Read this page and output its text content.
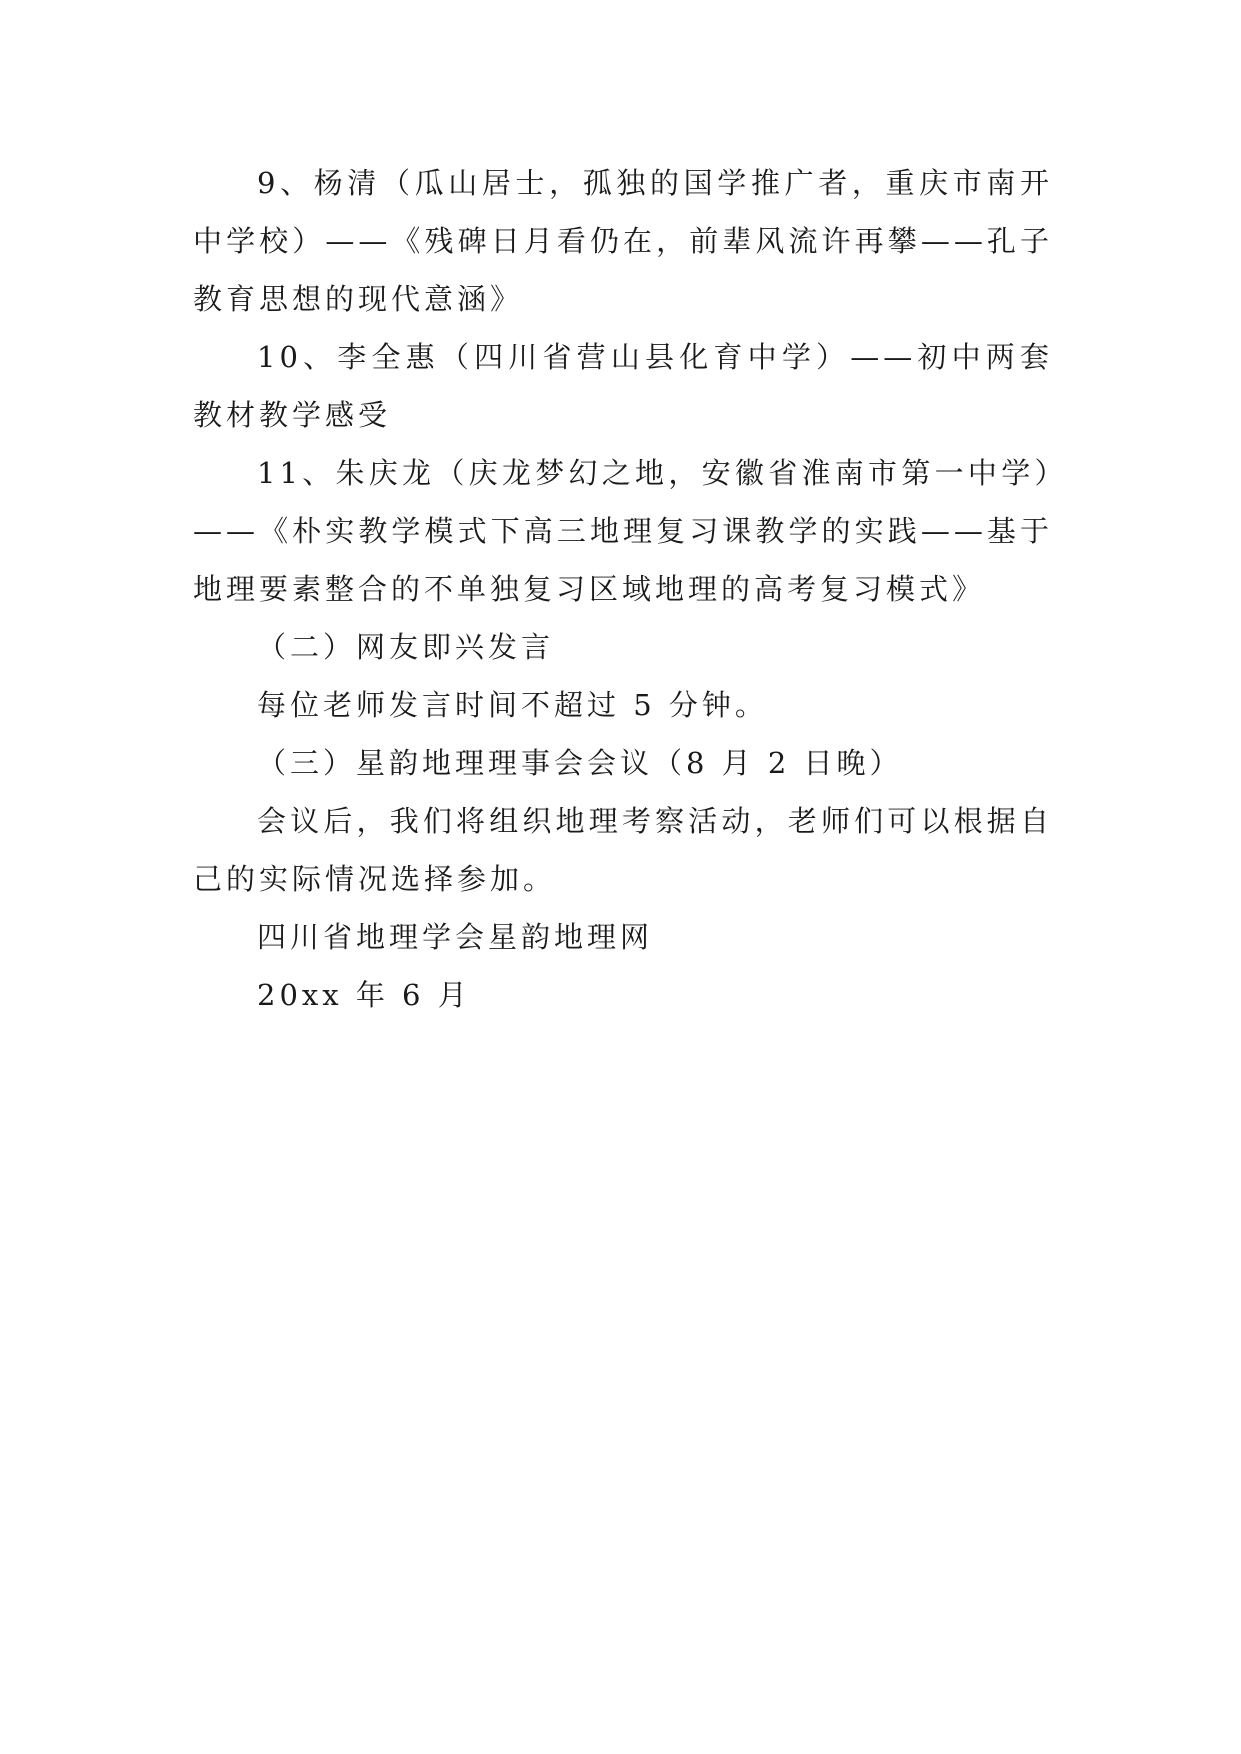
9、杨清（瓜山居士，孤独的国学推广者，重庆市南开中学校）——《残碑日月看仍在，前辈风流许再攀——孔子教育思想的现代意涵》

10、李全惠（四川省营山县化育中学）——初中两套教材教学感受

11、朱庆龙（庆龙梦幻之地，安徽省淮南市第一中学）——《朴实教学模式下高三地理复习课教学的实践——基于地理要素整合的不单独复习区域地理的高考复习模式》

（二）网友即兴发言

每位老师发言时间不超过 5 分钟。

（三）星韵地理理事会会议（8 月 2 日晚）

会议后，我们将组织地理考察活动，老师们可以根据自己的实际情况选择参加。

四川省地理学会星韵地理网

20xx 年 6 月
